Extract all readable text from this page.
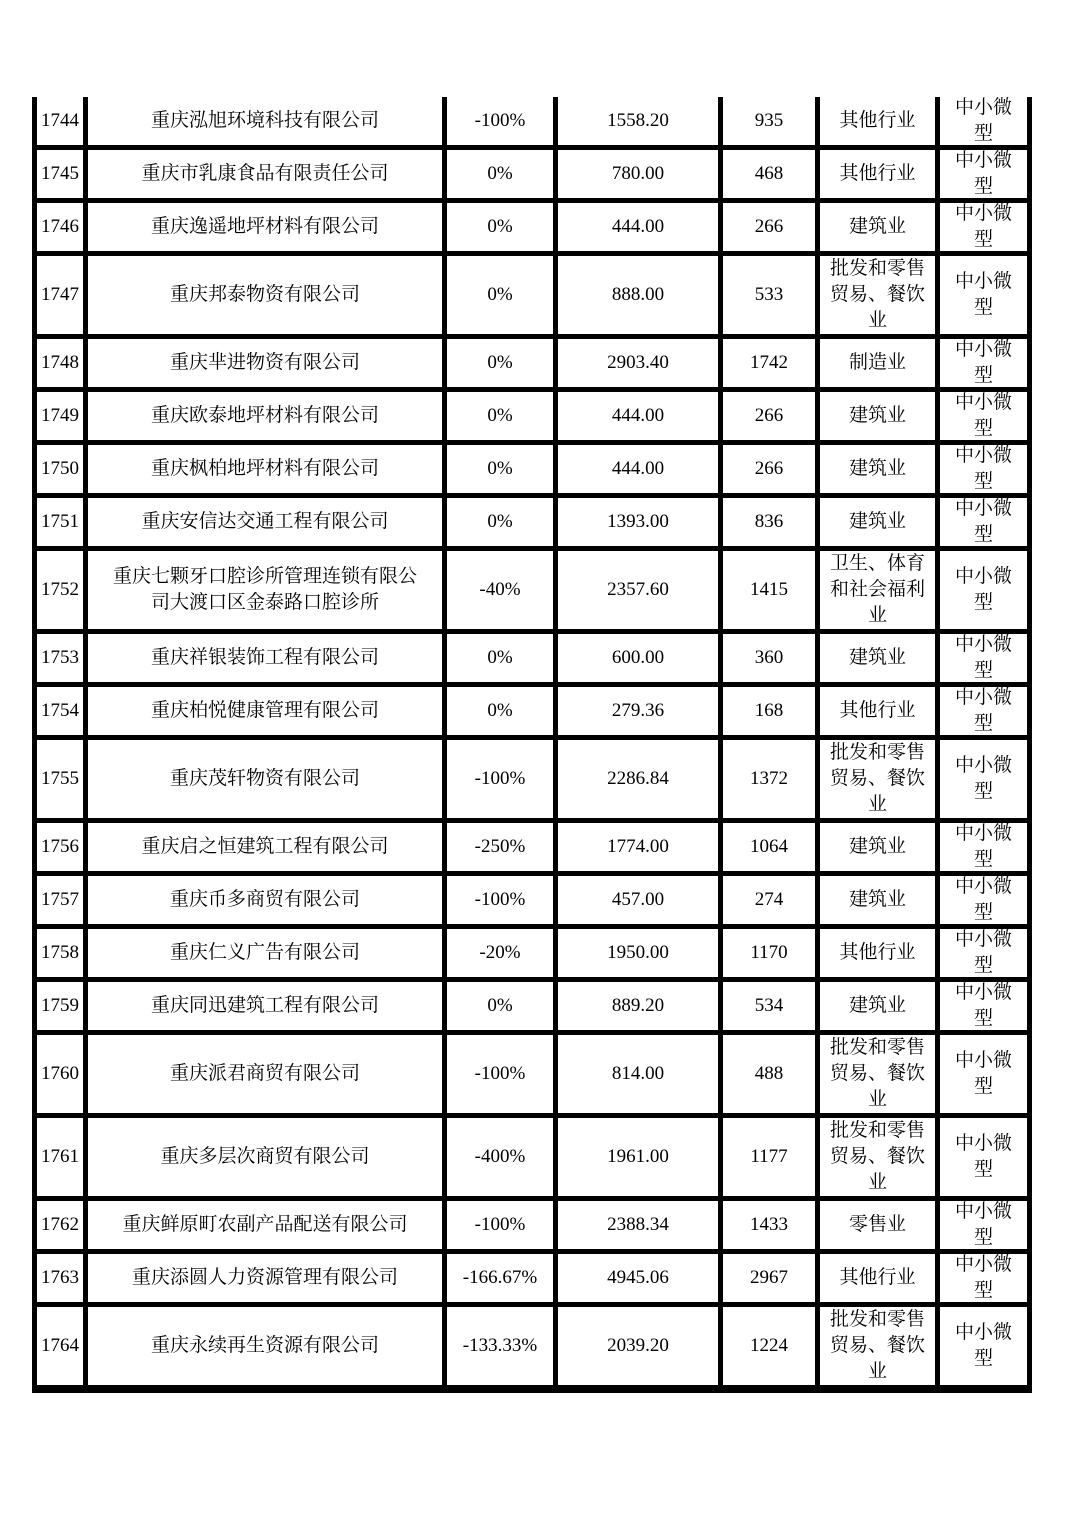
1744	重庆泓旭环境科技有限公司	-100%	1558.20	935	其他行业	中小微型

1745	重庆市乳康食品有限责任公司	0%	780.00	468	其他行业	中小微型

1746	重庆逸遥地坪材料有限公司	0%	444.00	266	建筑业	中小微型

1747	重庆邦泰物资有限公司	0%	888.00	533	批发和零售贸易、餐饮业	中小微型

1748	重庆芈进物资有限公司	0%	2903.40	1742	制造业	中小微型

1749	重庆欧泰地坪材料有限公司	0%	444.00	266	建筑业	中小微型

1750	重庆枫柏地坪材料有限公司	0%	444.00	266	建筑业	中小微型

1751	重庆安信达交通工程有限公司	0%	1393.00	836	建筑业	中小微型

1752	重庆七颗牙口腔诊所管理连锁有限公司大渡口区金泰路口腔诊所	-40%	2357.60	1415	卫生、体育和社会福利业	中小微型

1753	重庆祥银装饰工程有限公司	0%	600.00	360	建筑业	中小微型

1754	重庆柏悦健康管理有限公司	0%	279.36	168	其他行业	中小微型

1755	重庆茂轩物资有限公司	-100%	2286.84	1372	批发和零售贸易、餐饮业	中小微型

1756	重庆启之恒建筑工程有限公司	-250%	1774.00	1064	建筑业	中小微型

1757	重庆币多商贸有限公司	-100%	457.00	274	建筑业	中小微型

1758	重庆仁义广告有限公司	-20%	1950.00	1170	其他行业	中小微型

1759	重庆同迅建筑工程有限公司	0%	889.20	534	建筑业	中小微型

1760	重庆派君商贸有限公司	-100%	814.00	488	批发和零售贸易、餐饮业	中小微型

1761	重庆多层次商贸有限公司	-400%	1961.00	1177	批发和零售贸易、餐饮业	中小微型

1762	重庆鲜原町农副产品配送有限公司	-100%	2388.34	1433	零售业	中小微型

1763	重庆添圆人力资源管理有限公司	-166.67%	4945.06	2967	其他行业	中小微型

1764	重庆永续再生资源有限公司	-133.33%	2039.20	1224	批发和零售贸易、餐饮业	中小微型
